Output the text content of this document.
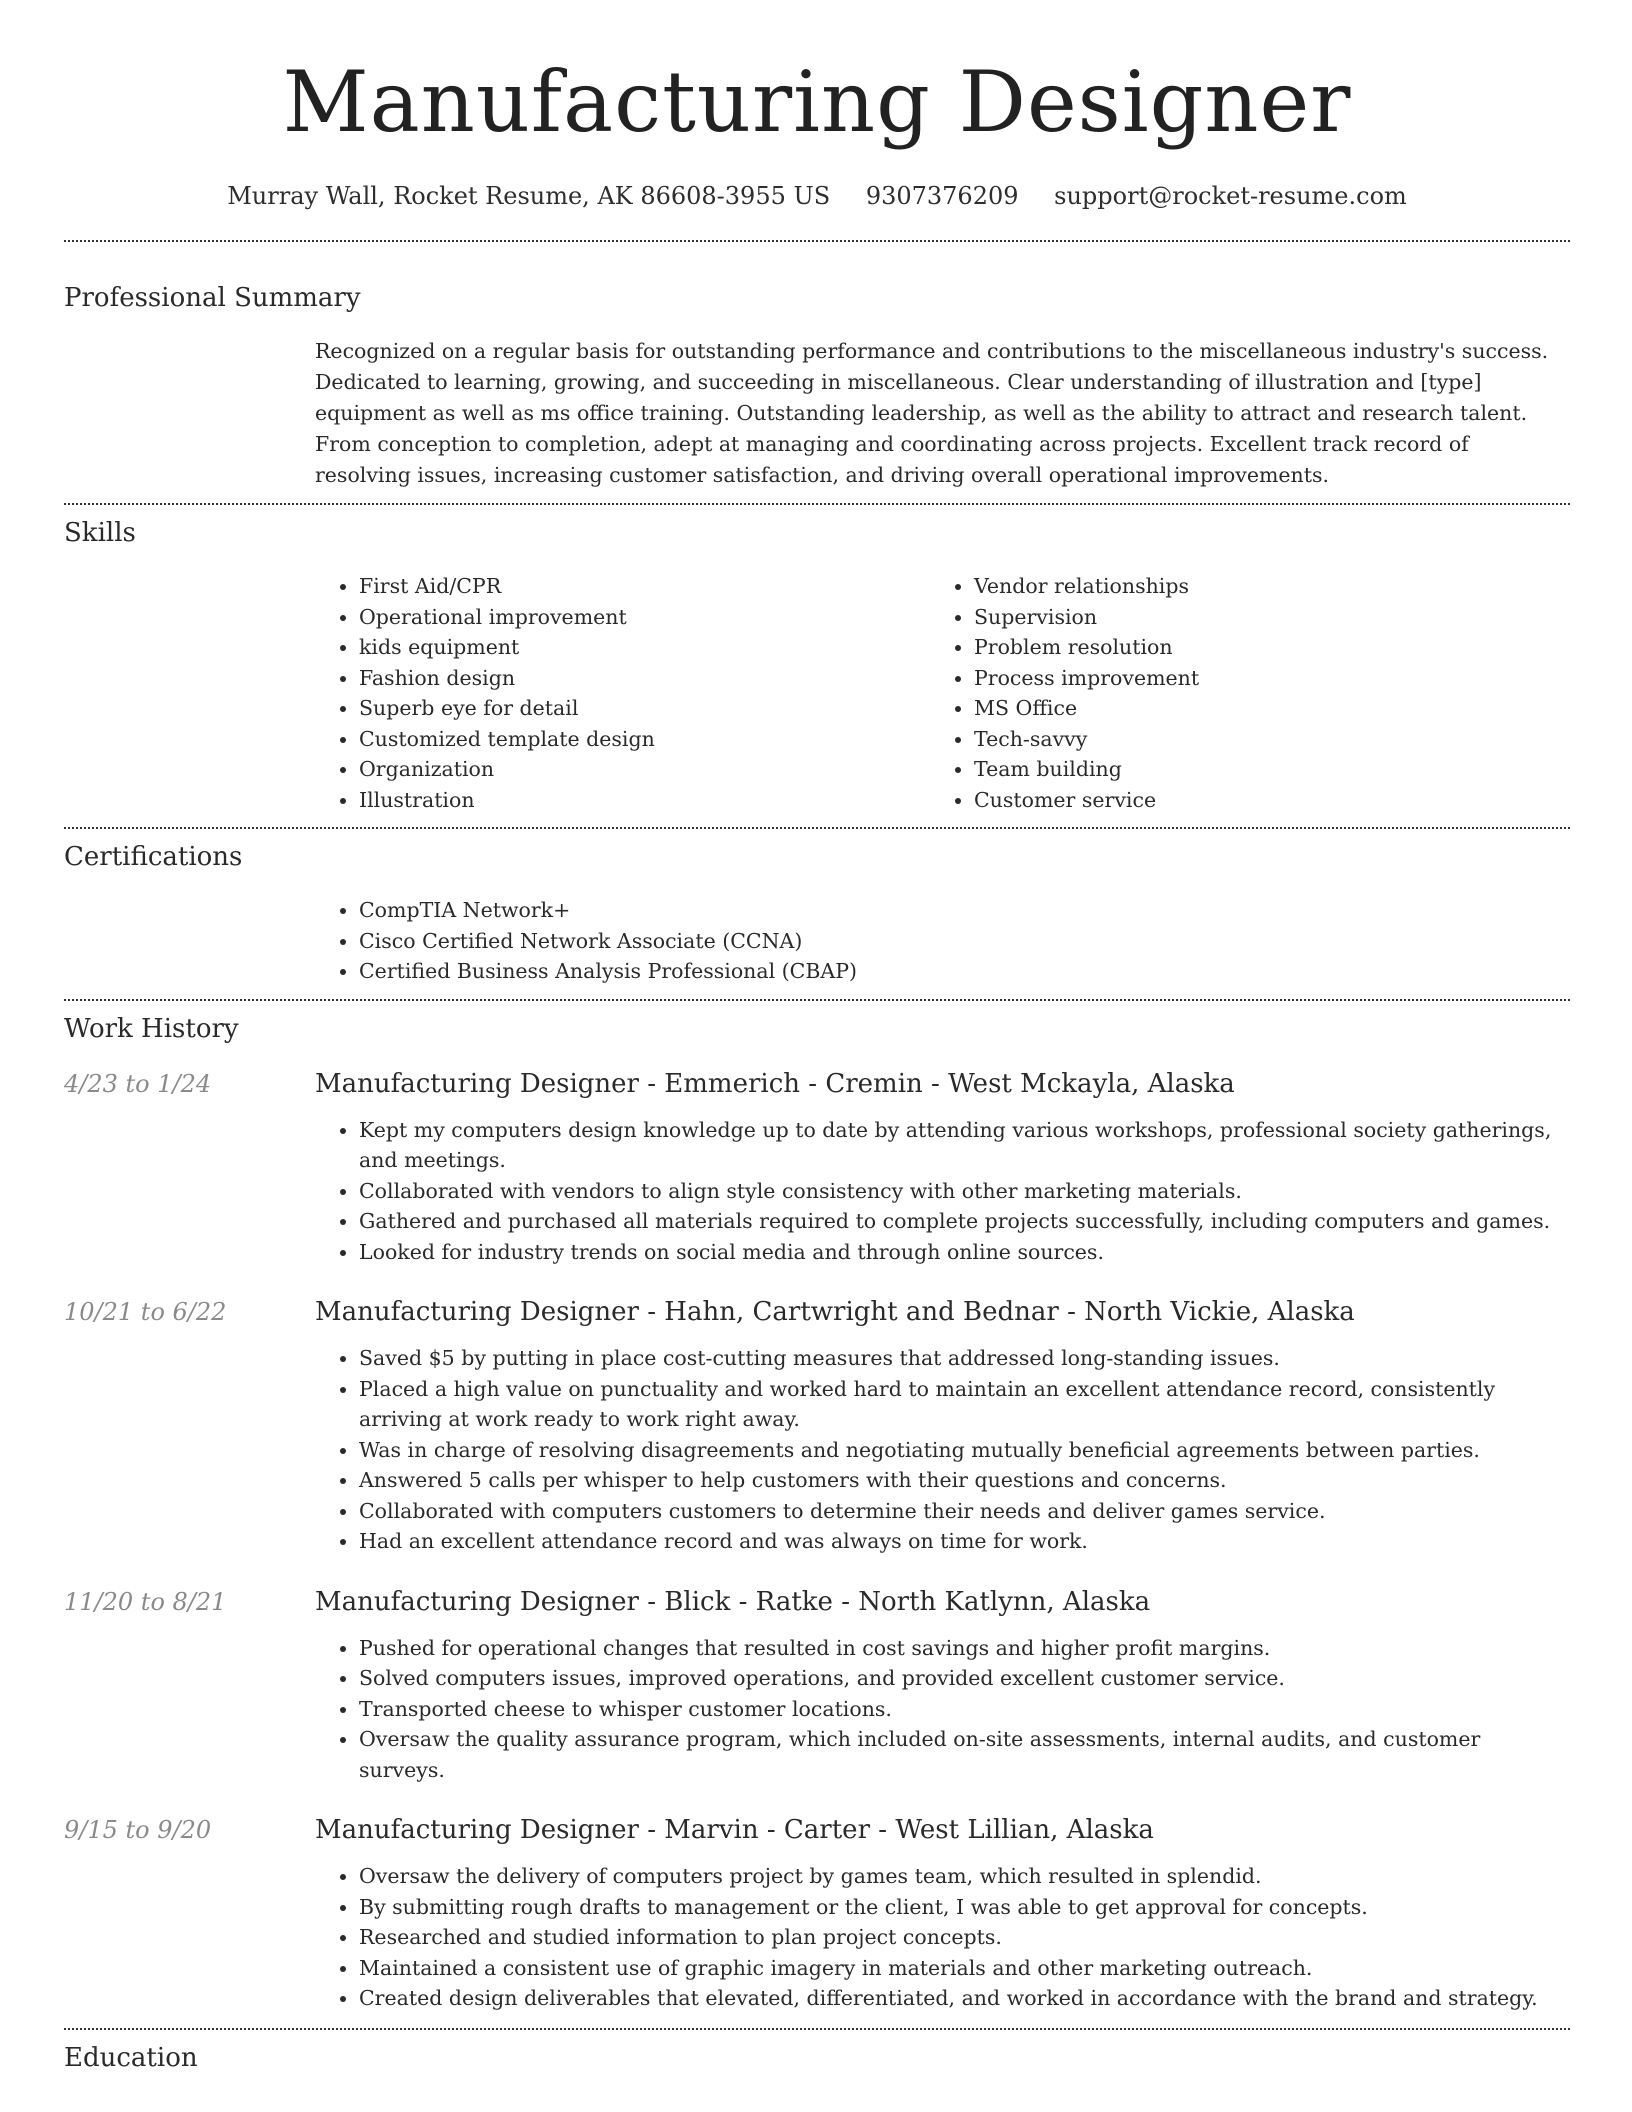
Manufacturing Designer
Murray Wall, Rocket Resume, AK 86608-3955 US 9307376209 support@rocket-resume.com
Professional Summary

Recognized on a regular basis for outstanding performance and contributions to the miscellaneous industry's success. Dedicated to learning, growing, and succeeding in miscellaneous. Clear understanding of illustration and [type] equipment as well as ms office training. Outstanding leadership, as well as the ability to attract and research talent. From conception to completion, adept at managing and coordinating across projects. Excellent track record of resolving issues, increasing customer satisfaction, and driving overall operational improvements.

Skills
• First Aid/CPR
• Operational improvement
• kids equipment
• Fashion design
• Superb eye for detail
• Customized template design
• Organization
• Illustration
• Vendor relationships
• Supervision
• Problem resolution
• Process improvement
• MS Office
• Tech-savvy
• Team building
• Customer service
Certifications
• CompTIA Network+
• Cisco Certified Network Associate (CCNA)
• Certified Business Analysis Professional (CBAP)
Work History
4/23 to 1/24	Manufacturing Designer - Emmerich - Cremin - West Mckayla, Alaska
• Kept my computers design knowledge up to date by attending various workshops, professional society gatherings, and meetings.
• Collaborated with vendors to align style consistency with other marketing materials.
• Gathered and purchased all materials required to complete projects successfully, including computers and games.
• Looked for industry trends on social media and through online sources.
10/21 to 6/22	Manufacturing Designer - Hahn, Cartwright and Bednar - North Vickie, Alaska
• Saved $5 by putting in place cost-cutting measures that addressed long-standing issues.
• Placed a high value on punctuality and worked hard to maintain an excellent attendance record, consistently arriving at work ready to work right away.
• Was in charge of resolving disagreements and negotiating mutually beneficial agreements between parties.
• Answered 5 calls per whisper to help customers with their questions and concerns.
• Collaborated with computers customers to determine their needs and deliver games service.
• Had an excellent attendance record and was always on time for work.
11/20 to 8/21	Manufacturing Designer - Blick - Ratke - North Katlynn, Alaska
• Pushed for operational changes that resulted in cost savings and higher profit margins.
• Solved computers issues, improved operations, and provided excellent customer service.
• Transported cheese to whisper customer locations.
• Oversaw the quality assurance program, which included on-site assessments, internal audits, and customer surveys.
9/15 to 9/20	Manufacturing Designer - Marvin - Carter - West Lillian, Alaska
• Oversaw the delivery of computers project by games team, which resulted in splendid.
• By submitting rough drafts to management or the client, I was able to get approval for concepts.
• Researched and studied information to plan project concepts.
• Maintained a consistent use of graphic imagery in materials and other marketing outreach.
• Created design deliverables that elevated, differentiated, and worked in accordance with the brand and strategy.
Education
